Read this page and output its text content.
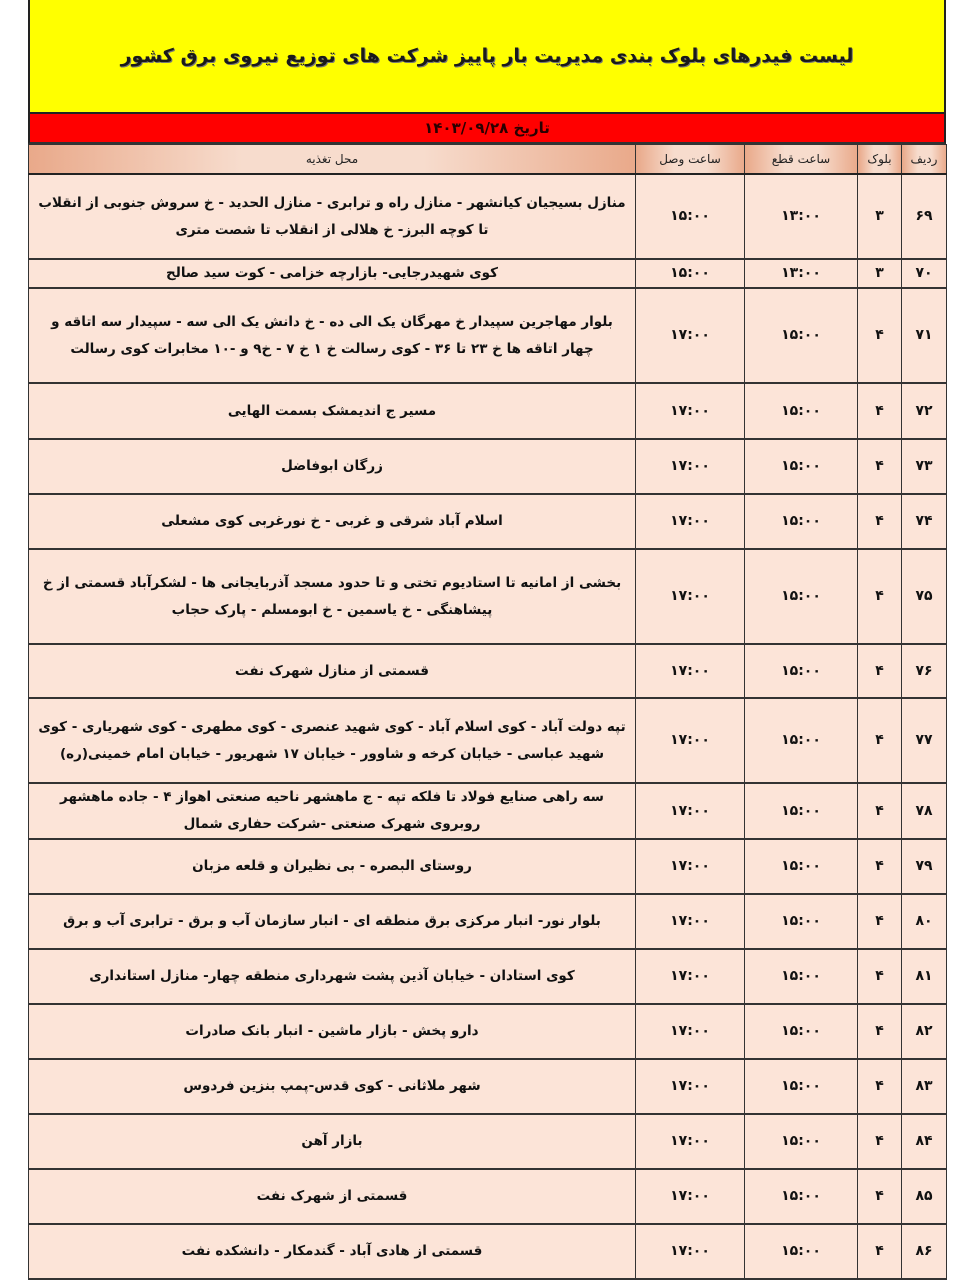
لیست فیدرهای بلوک بندی مدیریت بار پاییز شرکت های توزیع نیروی برق کشور
تاریخ ۱۴۰۳/۰۹/۲۸
ردیف	بلوک	ساعت قطع	ساعت وصل	محل تغذیه
۶۹	۳	۱۳:۰۰	۱۵:۰۰	منازل بسیجیان کیانشهر - منازل راه و ترابری - منازل الحدید - خ سروش جنوبی از انقلاب تا کوچه البرز- خ هلالی از انقلاب تا شصت متری
۷۰	۳	۱۳:۰۰	۱۵:۰۰	کوی شهیدرجایی- بازارچه خزامی - کوت سید صالح
۷۱	۴	۱۵:۰۰	۱۷:۰۰	بلوار مهاجرین سپیدار خ مهرگان یک الی ده - خ دانش یک الی سه - سپیدار سه اتاقه و چهار اتاقه ها خ ۲۳ تا ۳۶ - کوی رسالت خ ۱ خ ۷ - خ۹ و -۱۰ مخابرات کوی رسالت
۷۲	۴	۱۵:۰۰	۱۷:۰۰	مسیر ج اندیمشک بسمت الهایی
۷۳	۴	۱۵:۰۰	۱۷:۰۰	زرگان ابوفاضل
۷۴	۴	۱۵:۰۰	۱۷:۰۰	اسلام آباد شرقی و غربی - خ نورغربی کوی مشعلی
۷۵	۴	۱۵:۰۰	۱۷:۰۰	بخشی از امانیه تا استادیوم تختی و تا حدود مسجد آذربایجانی ها - لشکرآباد قسمتی از خ پیشاهنگی - خ یاسمین - خ ابومسلم - پارک حجاب
۷۶	۴	۱۵:۰۰	۱۷:۰۰	قسمتی از منازل شهرک نفت
۷۷	۴	۱۵:۰۰	۱۷:۰۰	تپه دولت آباد - کوی اسلام آباد - کوی شهید عنصری - کوی مطهری - کوی شهریاری - کوی شهید عباسی - خیابان کرخه و شاوور - خیابان ۱۷ شهریور - خیابان امام خمینی(ره)
۷۸	۴	۱۵:۰۰	۱۷:۰۰	سه راهی صنایع فولاد تا فلکه تپه - ج ماهشهر ناحیه صنعتی اهواز ۴ - جاده ماهشهر روبروی شهرک صنعتی -شرکت حفاری شمال
۷۹	۴	۱۵:۰۰	۱۷:۰۰	روستای البصره - بی نظیران و قلعه مزبان
۸۰	۴	۱۵:۰۰	۱۷:۰۰	بلوار نور- انبار مرکزی برق منطقه ای - انبار سازمان آب و برق - ترابری آب و برق
۸۱	۴	۱۵:۰۰	۱۷:۰۰	کوی استادان - خیابان آذین پشت شهرداری منطقه چهار- منازل استانداری
۸۲	۴	۱۵:۰۰	۱۷:۰۰	دارو پخش - بازار ماشین - انبار بانک صادرات
۸۳	۴	۱۵:۰۰	۱۷:۰۰	شهر ملاثانی - کوی قدس-پمپ بنزین فردوس
۸۴	۴	۱۵:۰۰	۱۷:۰۰	بازار آهن
۸۵	۴	۱۵:۰۰	۱۷:۰۰	قسمتی از شهرک نفت
۸۶	۴	۱۵:۰۰	۱۷:۰۰	قسمتی از هادی آباد - گندمکار - دانشکده نفت
